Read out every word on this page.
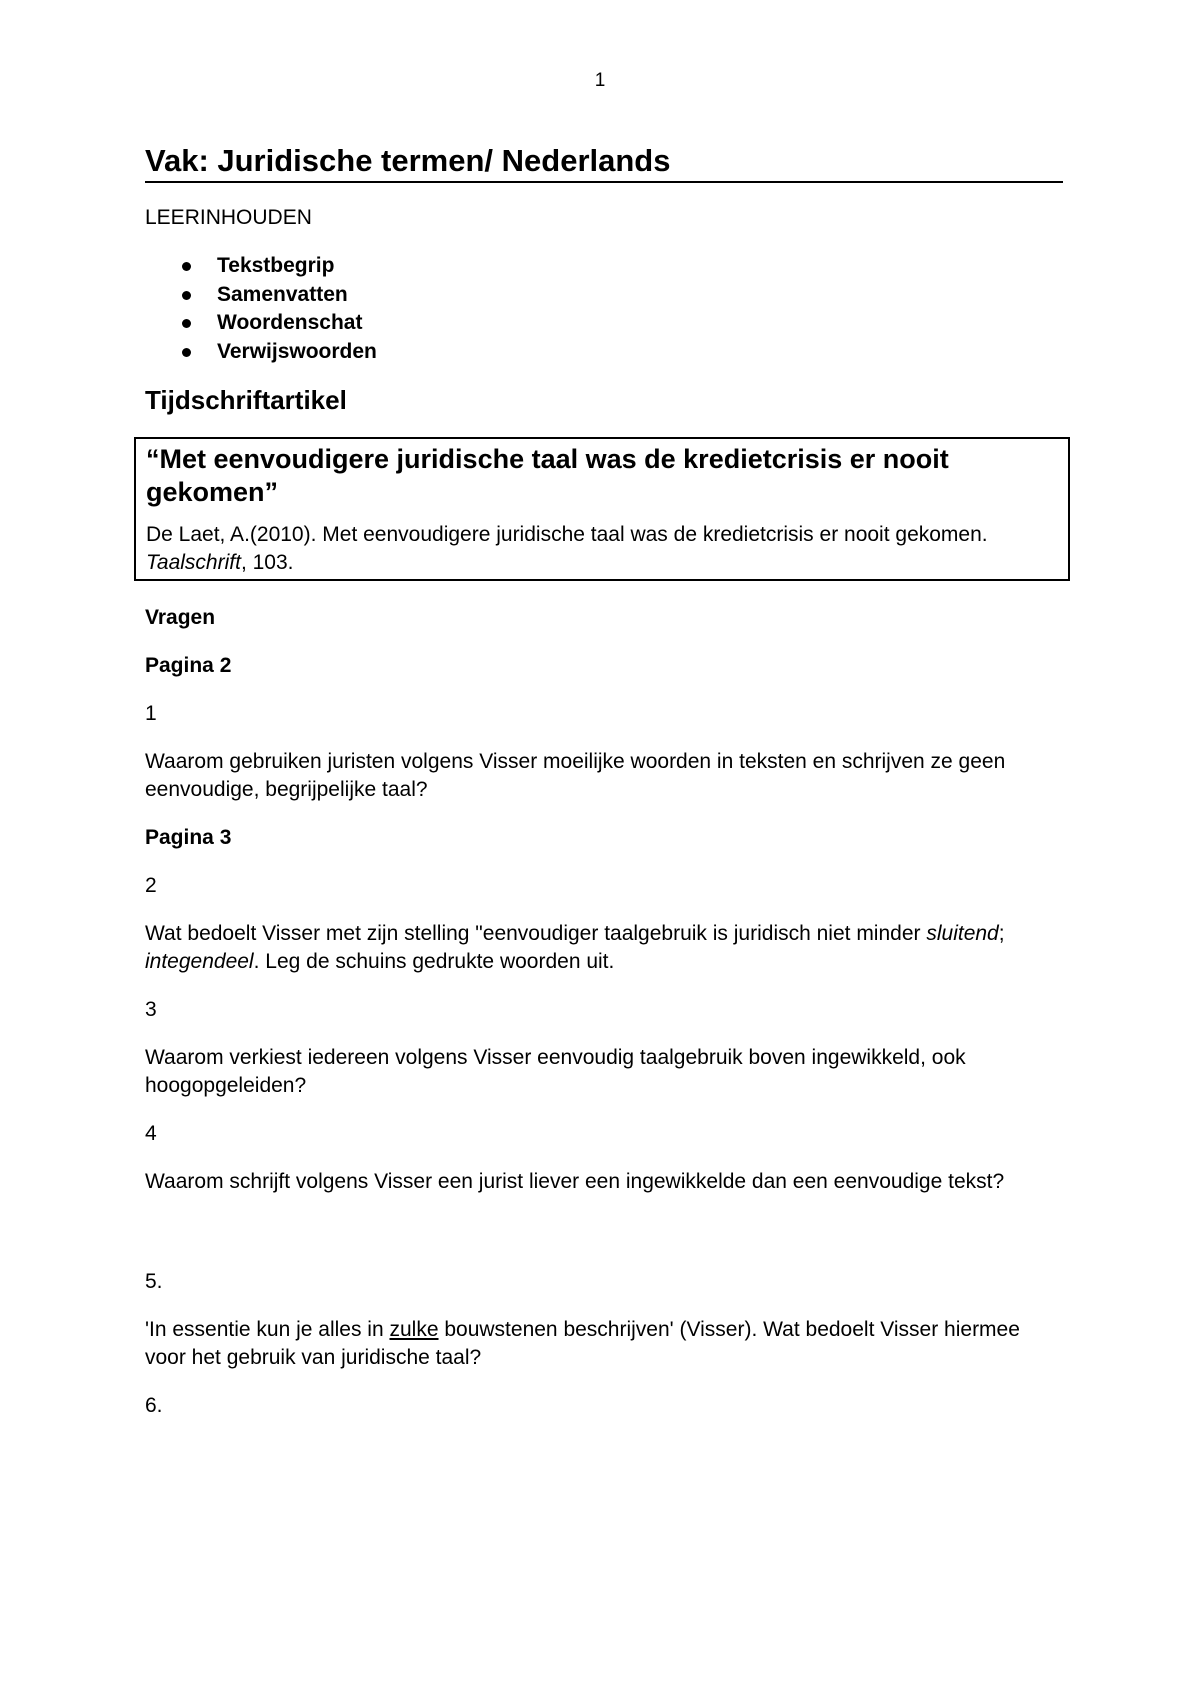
1
Vak: Juridische termen/ Nederlands
LEERINHOUDEN
Tekstbegrip
Samenvatten
Woordenschat
Verwijswoorden
Tijdschriftartikel

“Met eenvoudigere juridische taal was de kredietcrisis er nooit gekomen”

De Laet, A.(2010). Met eenvoudigere juridische taal was de kredietcrisis er nooit gekomen. Taalschrift, 103.
Vragen
Pagina 2
1
Waarom gebruiken juristen volgens Visser moeilijke woorden in teksten en schrijven ze geen eenvoudige, begrijpelijke taal?
Pagina 3
2
Wat bedoelt Visser met zijn stelling "eenvoudiger taalgebruik is juridisch niet minder sluitend; integendeel. Leg de schuins gedrukte woorden uit.
3
Waarom verkiest iedereen volgens Visser eenvoudig taalgebruik boven ingewikkeld, ook hoogopgeleiden?
4
Waarom schrijft volgens Visser een jurist liever een ingewikkelde dan een eenvoudige tekst?
5.
'In essentie kun je alles in zulke bouwstenen beschrijven' (Visser). Wat bedoelt Visser hiermee voor het gebruik van juridische taal?
6.
